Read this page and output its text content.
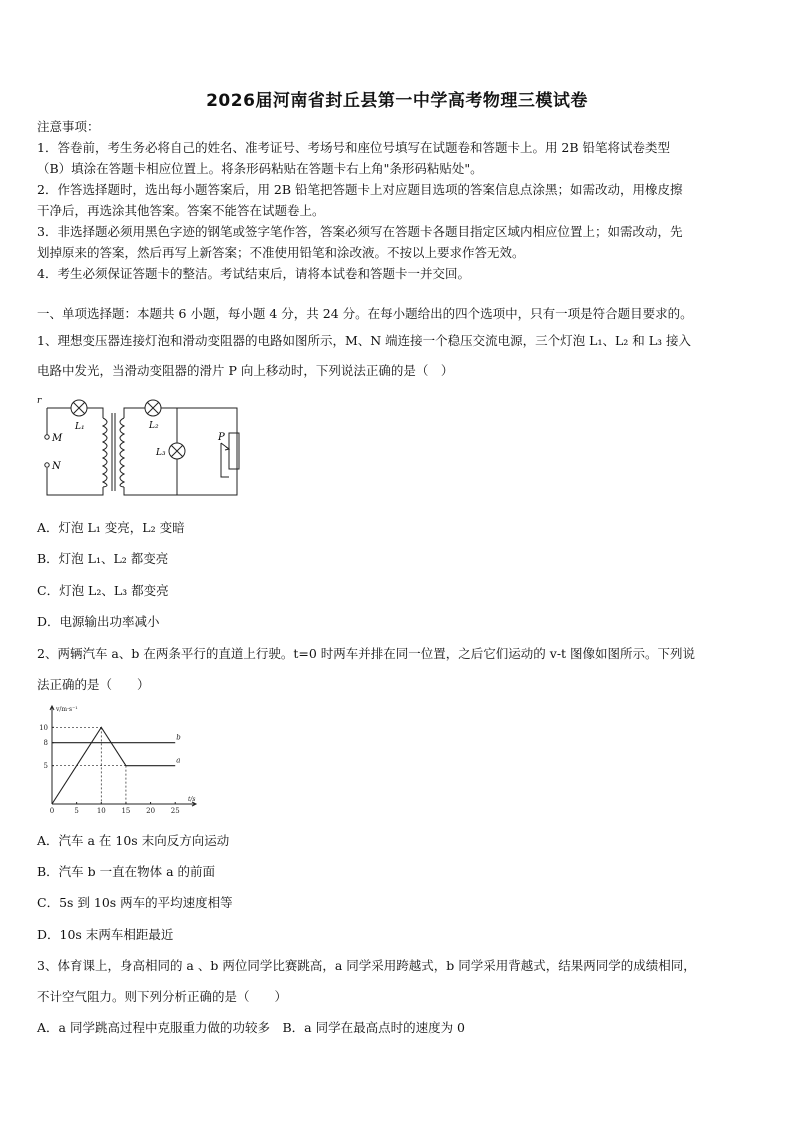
2026届河南省封丘县第一中学高考物理三模试卷
注意事项：
1．答卷前，考生务必将自己的姓名、准考证号、考场号和座位号填写在试题卷和答题卡上。用 2B 铅笔将试卷类型
（B）填涂在答题卡相应位置上。将条形码粘贴在答题卡右上角"条形码粘贴处"。
2．作答选择题时，选出每小题答案后，用 2B 铅笔把答题卡上对应题目选项的答案信息点涂黑；如需改动，用橡皮擦
干净后，再选涂其他答案。答案不能答在试题卷上。
3．非选择题必须用黑色字迹的钢笔或签字笔作答，答案必须写在答题卡各题目指定区域内相应位置上；如需改动，先
划掉原来的答案，然后再写上新答案；不准使用铅笔和涂改液。不按以上要求作答无效。
4．考生必须保证答题卡的整洁。考试结束后，请将本试卷和答题卡一并交回。
一、单项选择题：本题共 6 小题，每小题 4 分，共 24 分。在每小题给出的四个选项中，只有一项是符合题目要求的。
1、理想变压器连接灯泡和滑动变阻器的电路如图所示，M、N 端连接一个稳压交流电源，三个灯泡 L₁、L₂ 和 L₃ 接入
电路中发光，当滑动变阻器的滑片 P 向上移动时，下列说法正确的是（　）
r
M
N
L₁	L₂
L₃
P
A．灯泡 L₁ 变亮，L₂ 变暗
B．灯泡 L₁、L₂ 都变亮
C．灯泡 L₂、L₃ 都变亮
D．电源输出功率减小
2、两辆汽车 a、b 在两条平行的直道上行驶。t=0 时两车并排在同一位置，之后它们运动的 v-t 图像如图所示。下列说
法正确的是（　　）
0	5	10 15 20 25
5
8
10
a
b
v/m·s⁻¹
t/s
A．汽车 a 在 10s 末向反方向运动
B．汽车 b 一直在物体 a 的前面
C．5s 到 10s 两车的平均速度相等
D．10s 末两车相距最近
3、体育课上，身高相同的 a 、b 两位同学比赛跳高，a 同学采用跨越式，b 同学采用背越式，结果两同学的成绩相同，
不计空气阻力。则下列分析正确的是（　　）
A．a 同学跳高过程中克服重力做的功较多　B．a 同学在最高点时的速度为 0
